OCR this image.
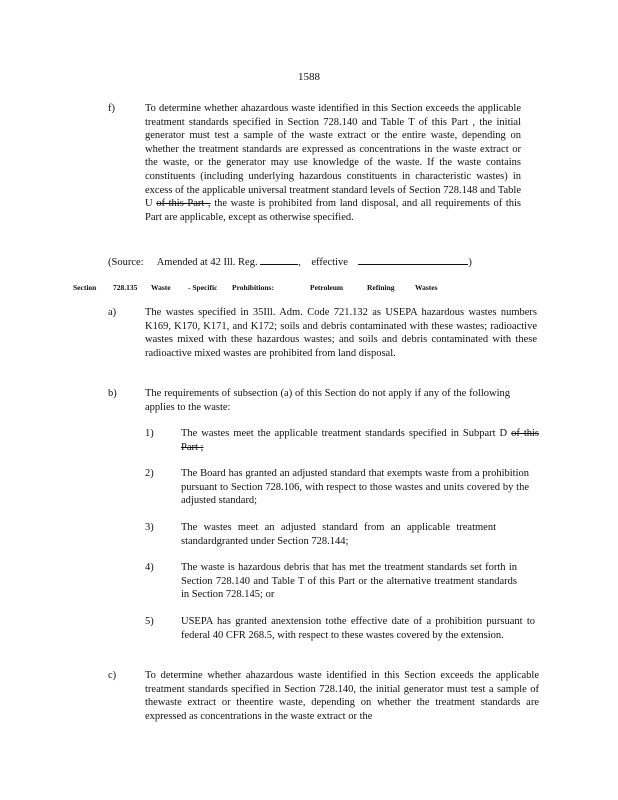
1588
f)	To determine whether ahazardous waste identified in this Section exceeds the applicable treatment standards specified in Section 728.140 and Table T of this Part , the initial generator must test a sample of the waste extract or the entire waste, depending on whether the treatment standards are expressed as concentrations in the waste extract or the waste, or the generator may use knowledge of the waste. If the waste contains constituents (including underlying hazardous constituents in characteristic wastes) in excess of the applicable universal treatment standard levels of Section 728.148 and Table U of this Part , the waste is prohibited from land disposal, and all requirements of this Part are applicable, except as otherwise specified.
(Source: Amended at 42 Ill. Reg.	, effective	)
Section 728.135 Waste - Specific Prohibitions:	Petroleum	Refining	Wastes
a)	The wastes specified in 35Ill. Adm. Code 721.132 as USEPA hazardous wastes numbers K169, K170, K171, and K172; soils and debris contaminated with these wastes; radioactive wastes mixed with these hazardous wastes; and soils and debris contaminated with these radioactive mixed wastes are prohibited from land disposal.
b)	The requirements of subsection (a) of this Section do not apply if any of the following applies to the waste:
1)	The wastes meet the applicable treatment standards specified in Subpart D of this Part ;
2)	The Board has granted an adjusted standard that exempts waste from a prohibition pursuant to Section 728.106, with respect to those wastes and units covered by the adjusted standard;
3)	The wastes meet an adjusted standard from an applicable treatment standardgranted under Section 728.144;
4)	The waste is hazardous debris that has met the treatment standards set forth in Section 728.140 and Table T of this Part or the alternative treatment standards in Section 728.145; or
5)	USEPA has granted anextension tothe effective date of a prohibition pursuant to federal 40 CFR 268.5, with respect to these wastes covered by the extension.
c)	To determine whether ahazardous waste identified in this Section exceeds the applicable treatment standards specified in Section 728.140, the initial generator must test a sample of thewaste extract or theentire waste, depending on whether the treatment standards are expressed as concentrations in the waste extract or the
